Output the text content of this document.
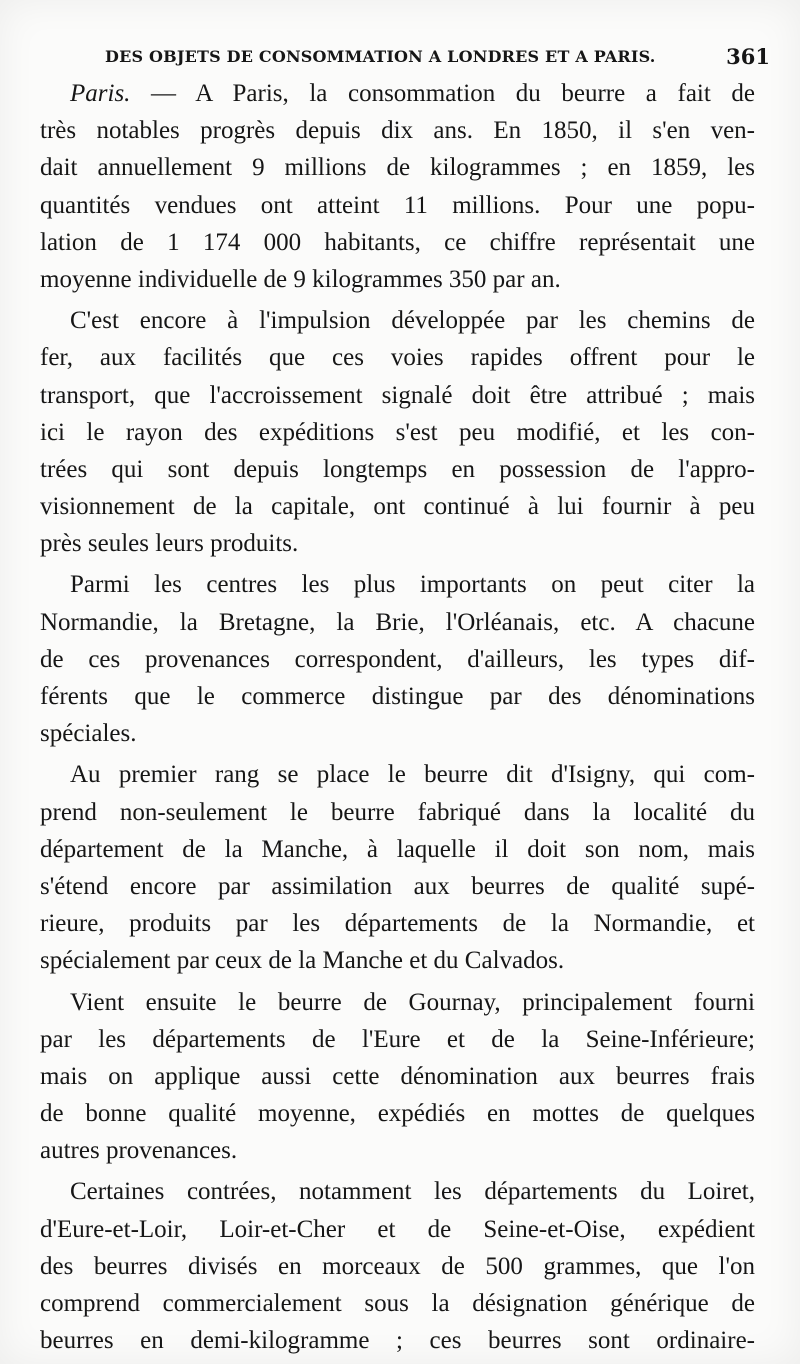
DES OBJETS DE CONSOMMATION A LONDRES ET A PARIS.	361
Paris. — A Paris, la consommation du beurre a fait de
très notables progrès depuis dix ans. En 1850, il s'en ven-
dait annuellement 9 millions de kilogrammes ; en 1859, les
quantités vendues ont atteint 11 millions. Pour une popu-
lation de 1 174 000 habitants, ce chiffre représentait une
moyenne individuelle de 9 kilogrammes 350 par an.
C'est encore à l'impulsion développée par les chemins de
fer, aux facilités que ces voies rapides offrent pour le
transport, que l'accroissement signalé doit être attribué ; mais
ici le rayon des expéditions s'est peu modifié, et les con-
trées qui sont depuis longtemps en possession de l'appro-
visionnement de la capitale, ont continué à lui fournir à peu
près seules leurs produits.
Parmi les centres les plus importants on peut citer la
Normandie, la Bretagne, la Brie, l'Orléanais, etc. A chacune
de ces provenances correspondent, d'ailleurs, les types dif-
férents que le commerce distingue par des dénominations
spéciales.
Au premier rang se place le beurre dit d'Isigny, qui com-
prend non-seulement le beurre fabriqué dans la localité du
département de la Manche, à laquelle il doit son nom, mais
s'étend encore par assimilation aux beurres de qualité supé-
rieure, produits par les départements de la Normandie, et
spécialement par ceux de la Manche et du Calvados.
Vient ensuite le beurre de Gournay, principalement fourni
par les départements de l'Eure et de la Seine-Inférieure;
mais on applique aussi cette dénomination aux beurres frais
de bonne qualité moyenne, expédiés en mottes de quelques
autres provenances.
Certaines contrées, notamment les départements du Loiret,
d'Eure-et-Loir, Loir-et-Cher et de Seine-et-Oise, expédient
des beurres divisés en morceaux de 500 grammes, que l'on
comprend commercialement sous la désignation générique de
beurres en demi-kilogramme ; ces beurres sont ordinaire-
